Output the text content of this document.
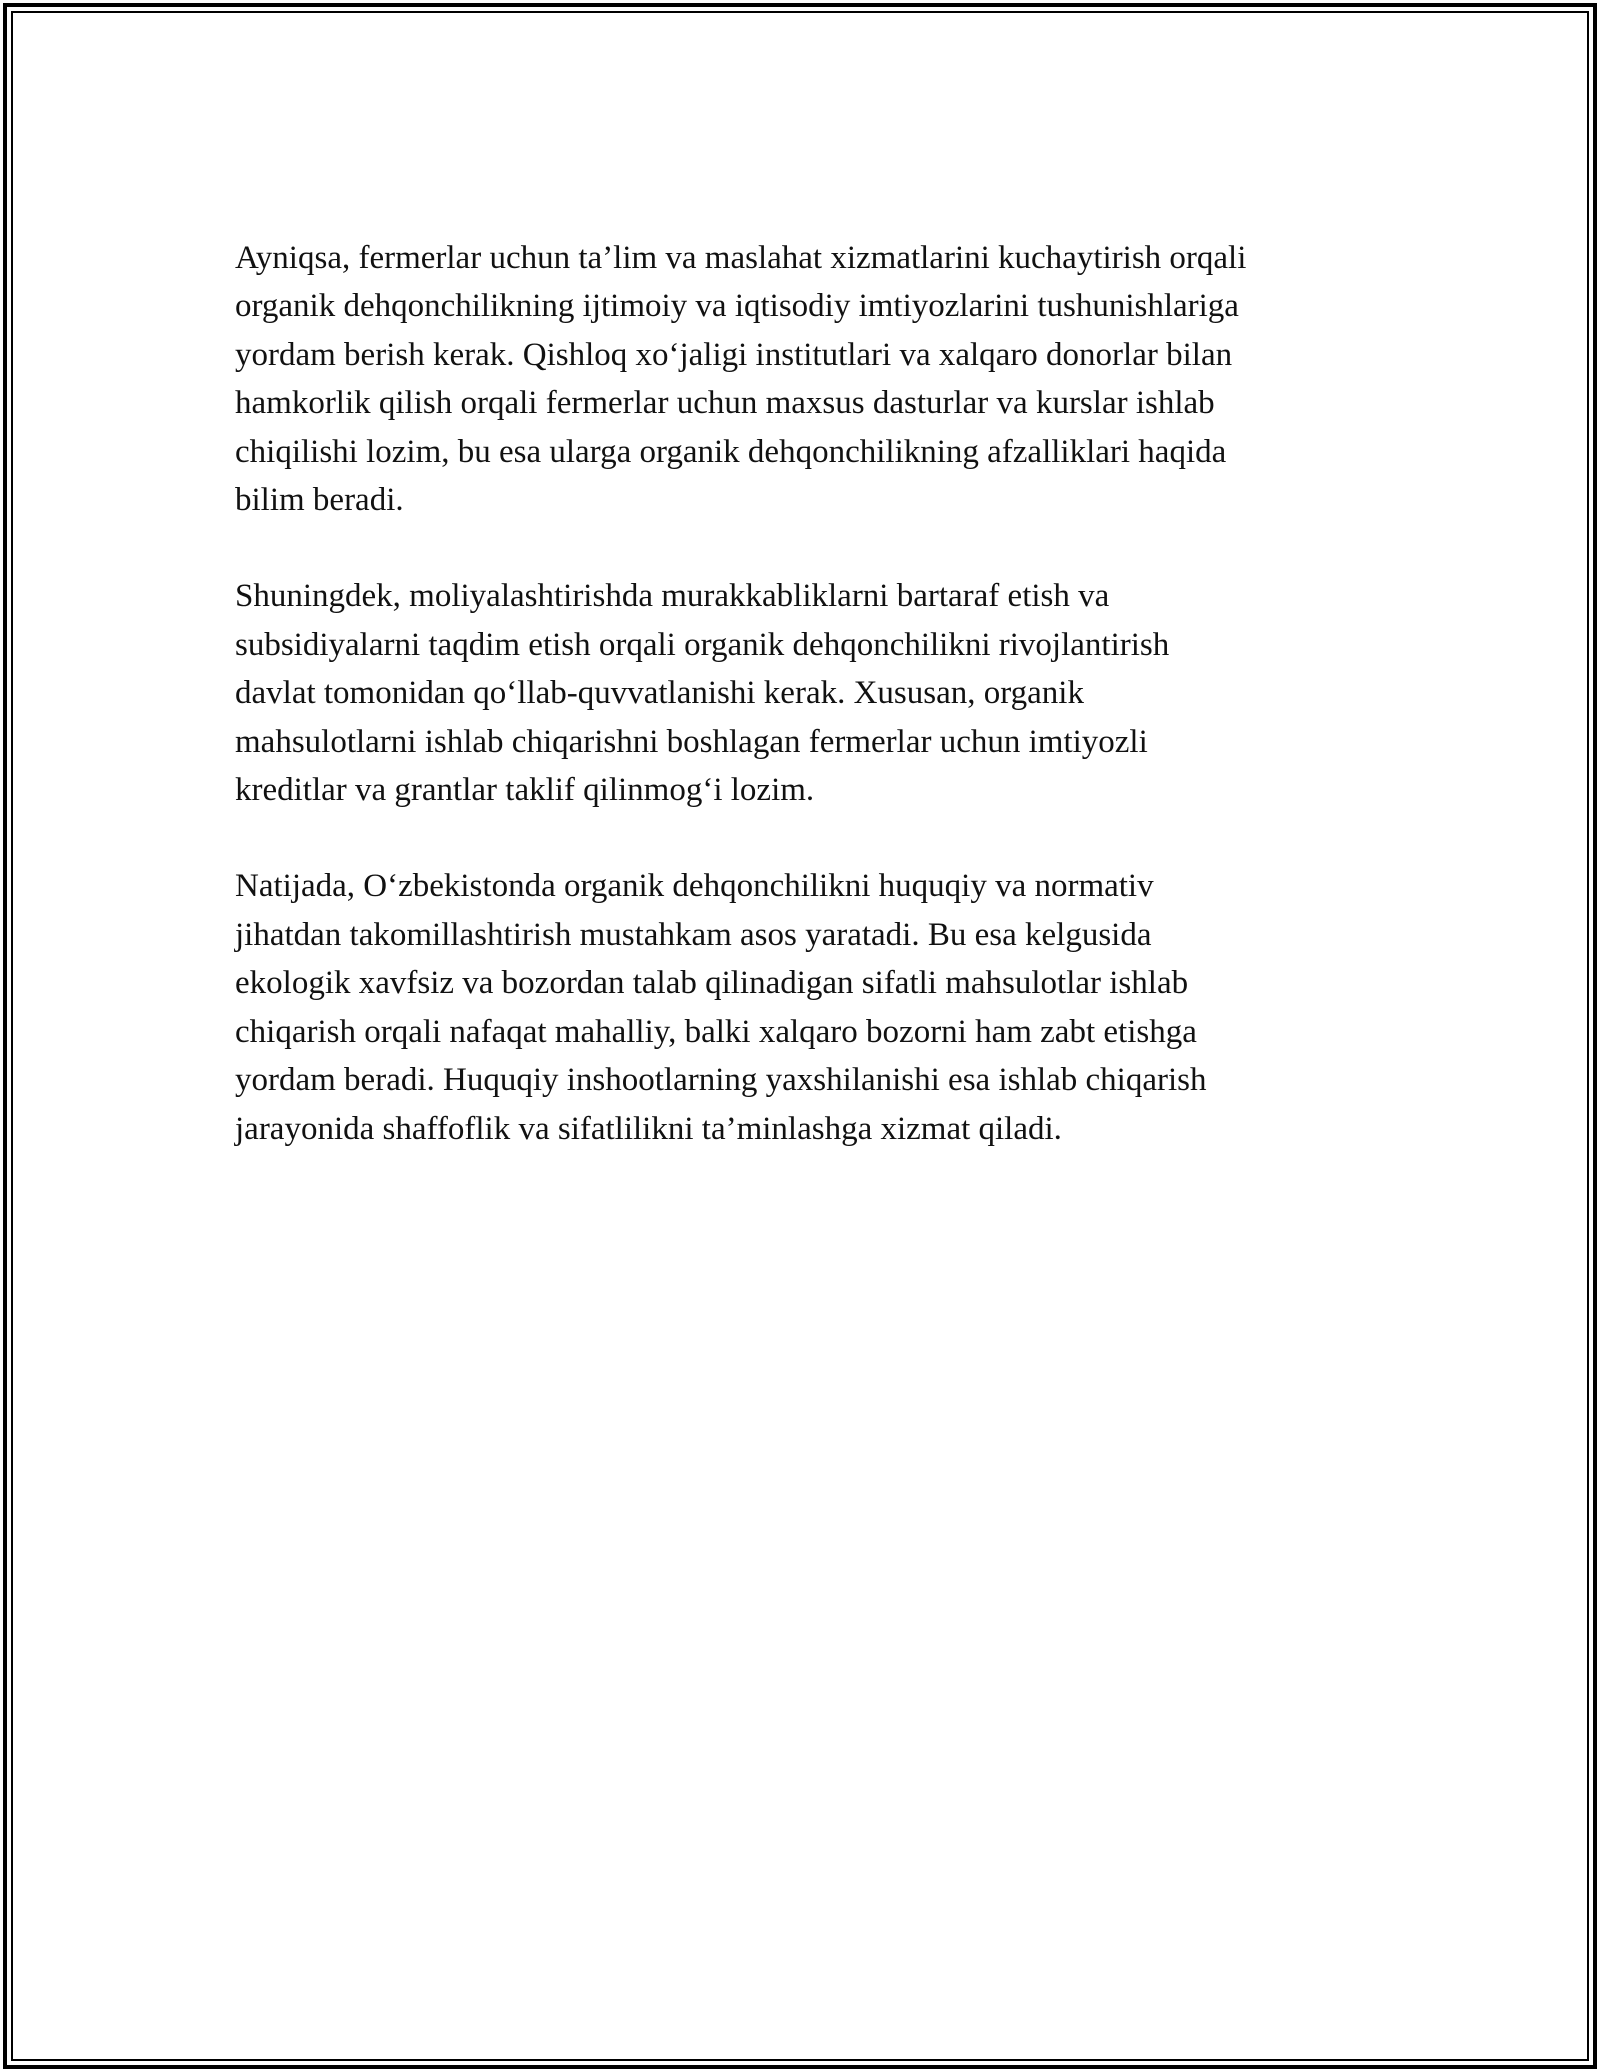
Ayniqsa, fermerlar uchun ta’lim va maslahat xizmatlarini kuchaytirish orqali
organik dehqonchilikning ijtimoiy va iqtisodiy imtiyozlarini tushunishlariga
yordam berish kerak. Qishloq xo‘jaligi institutlari va xalqaro donorlar bilan
hamkorlik qilish orqali fermerlar uchun maxsus dasturlar va kurslar ishlab
chiqilishi lozim, bu esa ularga organik dehqonchilikning afzalliklari haqida
bilim beradi.

Shuningdek, moliyalashtirishda murakkabliklarni bartaraf etish va
subsidiyalarni taqdim etish orqali organik dehqonchilikni rivojlantirish
davlat tomonidan qo‘llab-quvvatlanishi kerak. Xususan, organik
mahsulotlarni ishlab chiqarishni boshlagan fermerlar uchun imtiyozli
kreditlar va grantlar taklif qilinmog‘i lozim.

Natijada, O‘zbekistonda organik dehqonchilikni huquqiy va normativ
jihatdan takomillashtirish mustahkam asos yaratadi. Bu esa kelgusida
ekologik xavfsiz va bozordan talab qilinadigan sifatli mahsulotlar ishlab
chiqarish orqali nafaqat mahalliy, balki xalqaro bozorni ham zabt etishga
yordam beradi. Huquqiy inshootlarning yaxshilanishi esa ishlab chiqarish
jarayonida shaffoflik va sifatlilikni ta’minlashga xizmat qiladi.
